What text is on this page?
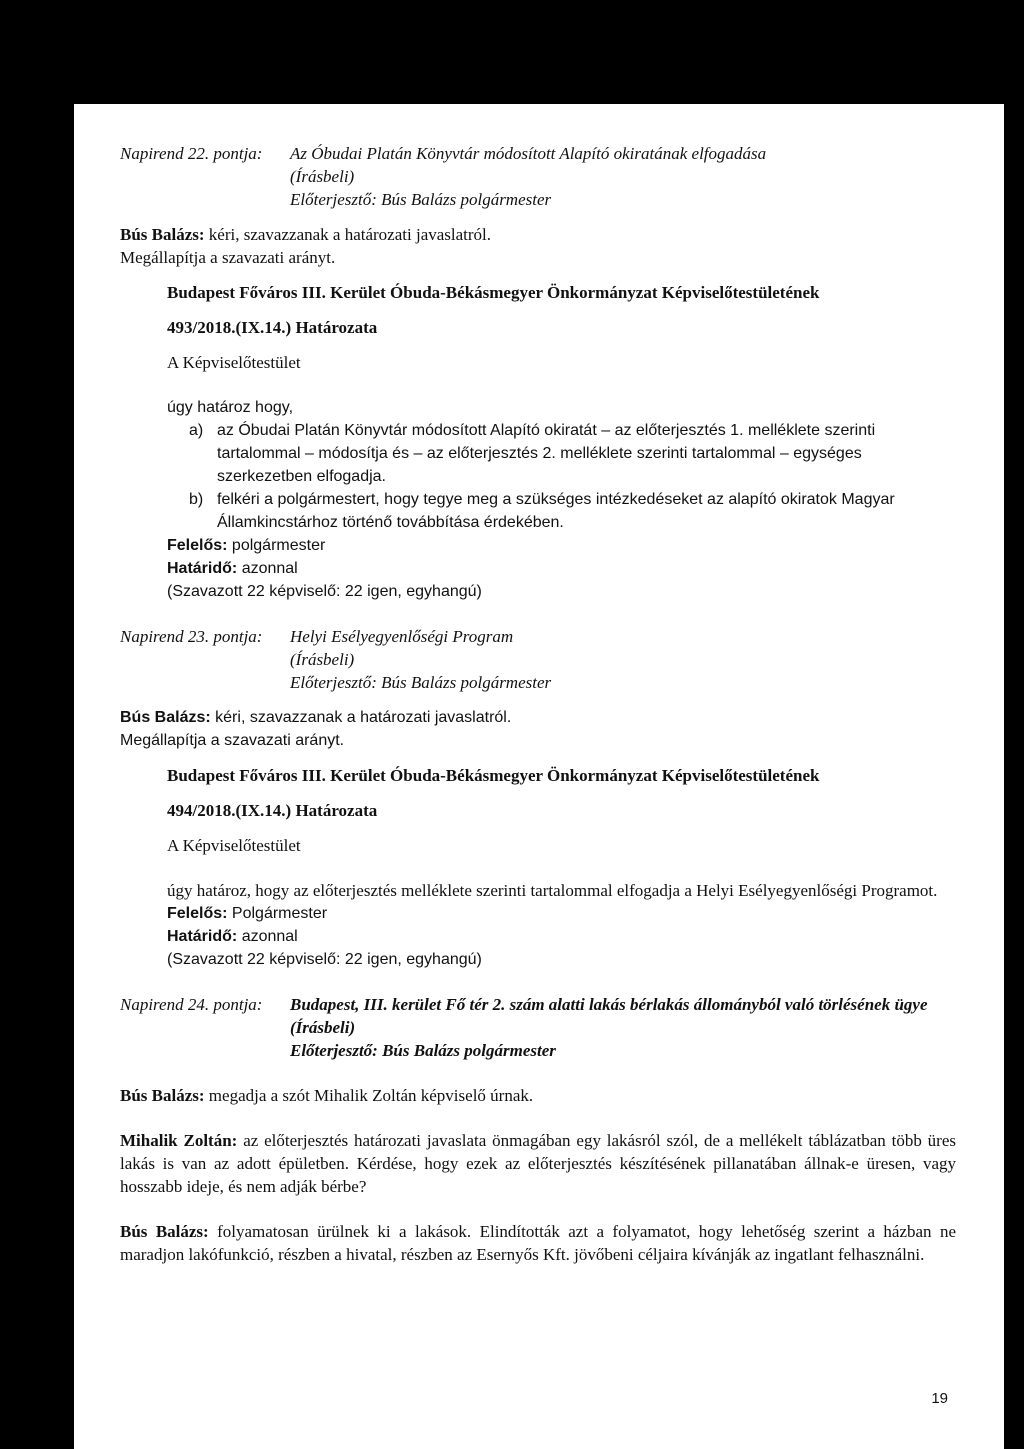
Napirend 22. pontja:	Az Óbudai Platán Könyvtár módosított Alapító okiratának elfogadása
(Írásbeli)
Előterjesztő: Bús Balázs polgármester
Bús Balázs: kéri, szavazzanak a határozati javaslatról.
Megállapítja a szavazati arányt.
Budapest Főváros III. Kerület Óbuda-Békásmegyer Önkormányzat Képviselőtestületének
493/2018.(IX.14.) Határozata
A Képviselőtestület
úgy határoz hogy,
a) az Óbudai Platán Könyvtár módosított Alapító okiratát – az előterjesztés 1. melléklete szerinti tartalommal – módosítja és – az előterjesztés 2. melléklete szerinti tartalommal – egységes szerkezetben elfogadja.
b) felkéri a polgármestert, hogy tegye meg a szükséges intézkedéseket az alapító okiratok Magyar Államkincstárhoz történő továbbítása érdekében.
Felelős: polgármester
Határidő: azonnal
(Szavazott 22 képviselő: 22 igen, egyhangú)
Napirend 23. pontja:	Helyi Esélyegyenlőségi Program
(Írásbeli)
Előterjesztő: Bús Balázs polgármester
Bús Balázs: kéri, szavazzanak a határozati javaslatról.
Megállapítja a szavazati arányt.
Budapest Főváros III. Kerület Óbuda-Békásmegyer Önkormányzat Képviselőtestületének
494/2018.(IX.14.) Határozata
A Képviselőtestület
úgy határoz, hogy az előterjesztés melléklete szerinti tartalommal elfogadja a Helyi Esélyegyenlőségi Programot.
Felelős: Polgármester
Határidő: azonnal
(Szavazott 22 képviselő: 22 igen, egyhangú)
Napirend 24. pontja:	Budapest, III. kerület Fő tér 2. szám alatti lakás bérlakás állományból való törlésének ügye
(Írásbeli)
Előterjesztő: Bús Balázs polgármester
Bús Balázs: megadja a szót Mihalik Zoltán képviselő úrnak.
Mihalik Zoltán: az előterjesztés határozati javaslata önmagában egy lakásról szól, de a mellékelt táblázatban több üres lakás is van az adott épületben. Kérdése, hogy ezek az előterjesztés készítésének pillanatában állnak-e üresen, vagy hosszabb ideje, és nem adják bérbe?
Bús Balázs: folyamatosan ürülnek ki a lakások. Elindították azt a folyamatot, hogy lehetőség szerint a házban ne maradjon lakófunkció, részben a hivatal, részben az Esernyős Kft. jövőbeni céljaira kívánják az ingatlant felhasználni.
19
